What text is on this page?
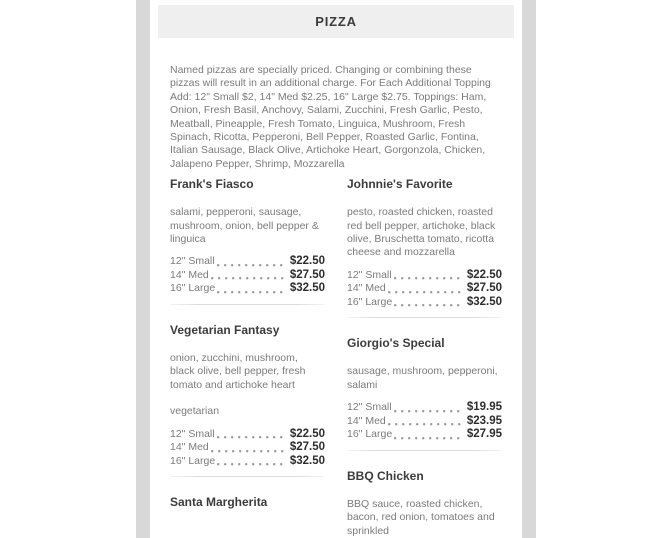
PIZZA

Named pizzas are specially priced. Changing or combining these pizzas will result in an additional charge. For Each Additional Topping Add: 12" Small $2, 14" Med $2.25, 16" Large $2.75. Toppings: Ham, Onion, Fresh Basil, Anchovy, Salami, Zucchini, Fresh Garlic, Pesto, Meatball, Pineapple, Fresh Tomato, Linguica, Mushroom, Fresh Spinach, Ricotta, Pepperoni, Bell Pepper, Roasted Garlic, Fontina, Italian Sausage, Black Olive, Artichoke Heart, Gorgonzola, Chicken, Jalapeno Pepper, Shrimp, Mozzarella

Frank's Fiasco

salami, pepperoni, sausage, mushroom, onion, bell pepper & linguica

12" Small	$22.50
14" Med	$27.50
16" Large	$32.50
Vegetarian Fantasy

onion, zucchini, mushroom, black olive, bell pepper, fresh tomato and artichoke heart

vegetarian

12" Small	$22.50
14" Med	$27.50
16" Large	$32.50
Santa Margherita
Johnnie's Favorite

pesto, roasted chicken, roasted red bell pepper, artichoke, black olive, Bruschetta tomato, ricotta cheese and mozzarella

12" Small	$22.50
14" Med	$27.50
16" Large	$32.50
Giorgio's Special

sausage, mushroom, pepperoni, salami

12" Small	$19.95
14" Med	$23.95
16" Large	$27.95
BBQ Chicken

BBQ sauce, roasted chicken, bacon, red onion, tomatoes and sprinkled
